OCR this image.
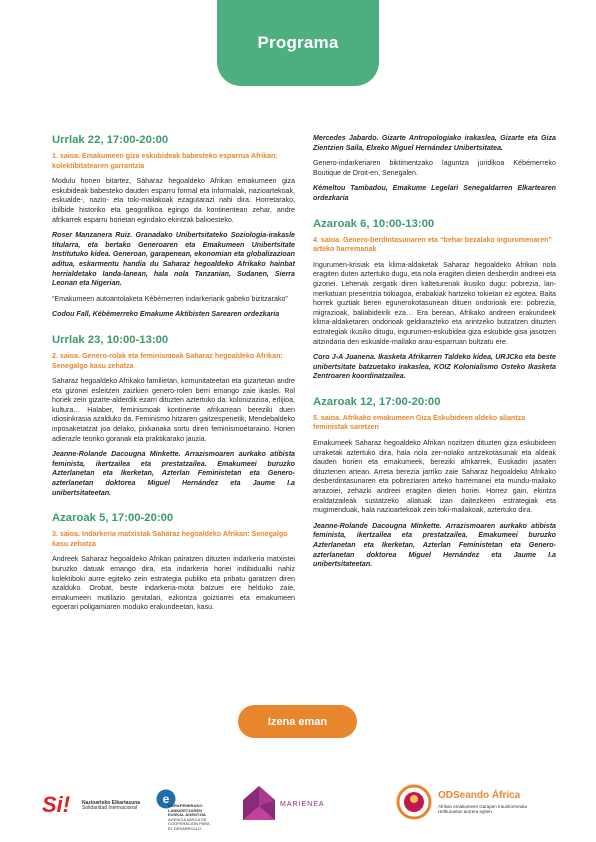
Programa
Urrlak 22, 17:00-20:00
1. saioa. Emakumeen giza eskubideak babesteko esparrua Afrikan: kolektibitatearen garrantzia
Modulu honen bitartez, Saharaz hegoaldeko Afrikan emakumeen giza eskubideak babesteko dauden esparru formal eta informalak, nazioartekoak, eskualde-, nazio- eta toki-mailakoak ezagutarazi nahi dira. Horretarako, ibilbide historiko eta geografikoa egingo da kontinentean zehar, andre afrikarrek esparru horietan egindako ekintzak balioesteko.
Roser Manzanera Ruiz. Granadako Unibertsitateko Soziologia-irakasle titularra, eta bertako Generoaren eta Emakumeen Unibertsitate Institutuko kidea. Generoan, garapenean, ekonomian eta globalizazioan aditua, eskarmentu handia du Saharaz hegoaldeko Afrikako hainbat herrialdetako landa-lanean, hala nola Tanzanian, Sudanen, Sierra Leonan eta Nigerian.
“Emakumeen autoantolaketa Kébémerren indarkeriarik gabeko bizitzarako”
Codou Fall, Kébémerreko Emakume Aktibisten Sarearen ordezkaria
Urrlak 23, 10:00-13:00
2. saioa. Genero-rolak eta feminismoak Saharaz hegoaldeko Afrikan: Senegalgo kasu zehatza
Saharaz hegoaldeko Afrikako familietan, komunitateetan eta gizartetan andre eta gizonei esleitzen zaizkien genero-rolen berri emango zaie ikaslei. Rol horiek zein gizarte-alderdik ezarri dituzten aztertuko da: kolonizazioa, erlijioa, kultura… Halaber, feminismoak kontinente afrikarrean bereziki duen idiosinkrasia azalduko da. Feminismo hitzaren gaitzespenetik, Mendebaldeko inposaketatzat joa delako, pixkanaka sortu diren feminismoetaraino. Horien adierazle teoriko goranak eta praktikarako jauzia.
Jeanne-Rolande Dacougna Minkette. Arrazismoaren aurkako atibista feminista, ikertzailea eta prestatzailea. Emakumeei buruzko Azterlanetan eta Ikerketan, Azterlan Feministetan eta Genero-azterlanetan doktorea Miguel Hernández eta Jaume I.a unibertsitateetan.
Azaroak 5, 17:00-20:00
3. saioa. Indarkeria matxistak Saharaz hegoaldeko Afrikan: Senegalgo kasu zehatza
Andreek Saharaz hegoaldeko Afrikan pairatzen dituzten indarkeria matxistei buruzko datuak emango dira, eta indarkeria horiei indibidualki nahiz kolektiboki aurre egiteko zein estrategia publiko eta pribatu garatzen diren azalduko. Orobat, beste indarkeria-mota batzuei ere helduko zaie, emakumeen mutilazio genitalari, ezkontza goiztiarrei eta emakumeen egoerari poligamiaren moduko erakundeetan, kasu.
Mercedes Jabardo. Gizarte Antropologiako irakaslea, Gizarte eta Giza Zientzien Saila, Elxeko Miguel Hernández Unibertsitatea.
Genero-indarkeriaren biktimentzako laguntza juridikoa Kébémerreko Boutique de Droit-en, Senegalen.
Kémeltou Tambadou, Emakume Legelari Senegaldarren Elkartearen ordezkaria
Azaroak 6, 10:00-13:00
4. saioa. Genero-berdintasunaren eta “behar bezalako ingurumenaren” arteko harremanak
Ingurumen-krisiak eta klima-aldaketak Saharaz hegoaldeko Afrikan nola eragiten duten aztertuko dugu, eta nola eragiten dieten desberdin andreei eta gizonei. Lehenak zergatik diren kalteturenak ikusiko dugu: pobrezia, lan-merkatuan presentzia txikiagoa, erabakiak hartzeko tokietan ez egotea. Baita horrek guztiak beren egunerokotasunean dituen ondorioak ere: pobrezia, migrazioak, baliabideirik eza… Era berean, Afrikako andreen erakundeek klima-aldaketaren ondorioak geldiarazteko eta arintzeko butzatzen dituzten estrategiak ikusiko ditugu, ingurumen-eskubidea giza eskubide gisa jasotzen aitzindaria den eskualde-mailako arau-esparruan bultzatu ere.
Coro J-A Juanena. Ikasketa Afrikarren Taldeko kidea, URJCko eta beste unibertsitate batzuetako irakaslea, KOIZ Kolonialismo Osteko Ikasketa Zentroaren koordinatzailea.
Azaroak 12, 17:00-20:00
5. saioa. Afrikako emakumeen Giza Eskubideen aldeko aliantza feministak saretzen
Emakumeek Saharaz hegoaldeko Afrikan nozitzen dituzten giza eskubideen urraketak aztertuko dira, hala nola zer-nolako antzekotasunak eta aldeak dauden horien eta emakumeek, bereziki afrikarrek, Euskadin jasaten dituztenen artean. Arreta berezia jarriko zaie Saharaz hegoaldeko Afrikako desberdintasunaren eta pobreziaren arteko harremanei eta mundu-mailako arrazoiei, zehazki andreei eragiten dieten horiei. Horrez gain, ekintza eraldatzaileak sustatzeko aliatuak izan daitezkeen estrategiak eta mugimenduak, hala nazioartekoak zein toki-mailakoak, aztertuko dira.
Jeanne-Rolande Dacougna Minkette. Arrazismoaren aurkako atibista feminista, ikertzailea eta prestatzailea. Emakumeei buruzko Azterlanetan eta Ikerketan, Azterlan Feministetan eta Genero-azterlanetan doktorea Miguel Hernández eta Jaume I.a unibertsitateetan.
Izena eman
Si! Nazioarteko Elkartasuna
Solidaridad Internacional
e
GARAPENERAKO
LANKIDETZAREN
EUSKAL AGENTZIA
AGENCIA VASCA DE
COOPERACIÓN PARA
EL DESARROLLO
MARIENEA
ODSeando África
Afrikan emakumeen Garapen Iraunkorrerako
Helburuetan aurrera egiten
